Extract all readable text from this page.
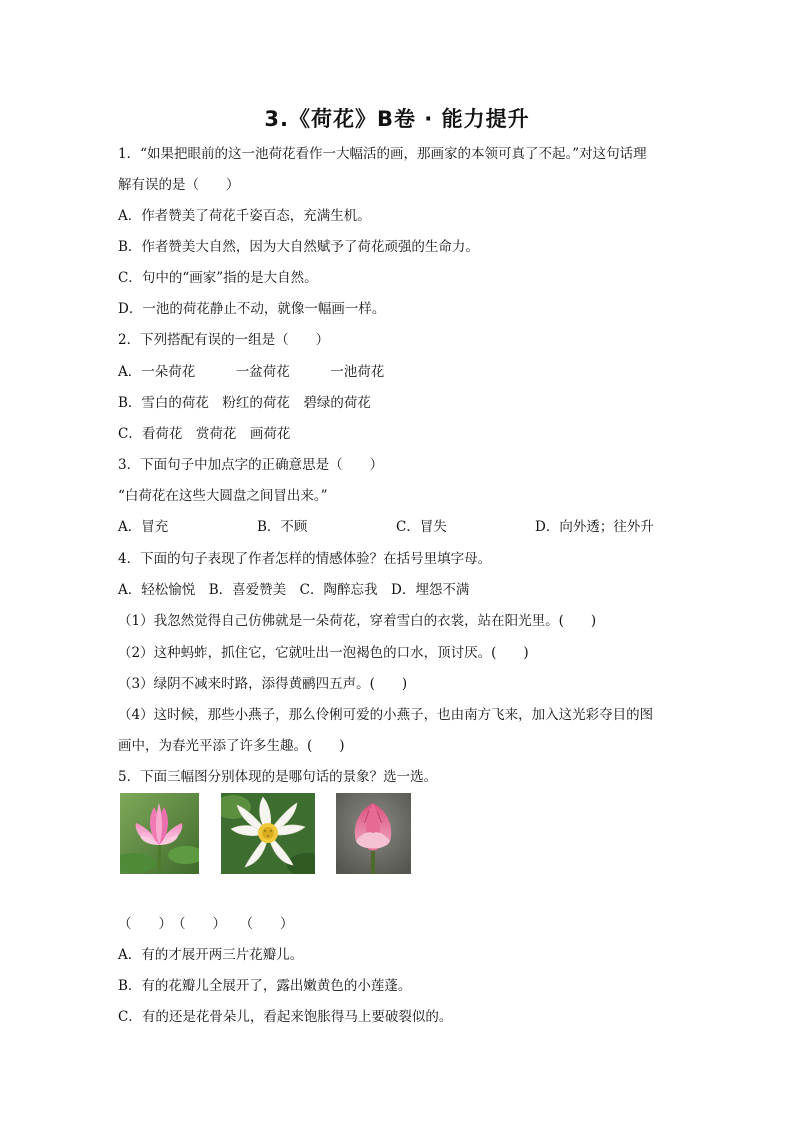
3.《荷花》B卷 · 能力提升
1．“如果把眼前的这一池荷花看作一大幅活的画，那画家的本领可真了不起。”对这句话理
解有误的是（　　）
A．作者赞美了荷花千姿百态，充满生机。
B．作者赞美大自然，因为大自然赋予了荷花顽强的生命力。
C．句中的“画家”指的是大自然。
D．一池的荷花静止不动，就像一幅画一样。
2．下列搭配有误的一组是（　　）
A．一朵荷花　　　一盆荷花　　　一池荷花
B．雪白的荷花　粉红的荷花　碧绿的荷花
C．看荷花　赏荷花　画荷花
3．下面句子中加点字的正确意思是（　　）
“白荷花在这些大圆盘之间冒出来。”
A．冒充	B．不顾	C．冒失	D．向外透；往外升
4．下面的句子表现了作者怎样的情感体验？在括号里填字母。
A．轻松愉悦　B．喜爱赞美　C．陶醉忘我　D．埋怨不满
（1）我忽然觉得自己仿佛就是一朵荷花，穿着雪白的衣裳，站在阳光里。(　　)
（2）这种蚂蚱，抓住它，它就吐出一泡褐色的口水，顶讨厌。(　　)
（3）绿阴不减来时路，添得黄鹂四五声。(　　)
（4）这时候，那些小燕子，那么伶俐可爱的小燕子，也由南方飞来，加入这光彩夺目的图
画中，为春光平添了许多生趣。(　　)
5．下面三幅图分别体现的是哪句话的景象？选一选。
（　　）　（　　）　　（　　）
A．有的才展开两三片花瓣儿。
B．有的花瓣儿全展开了，露出嫩黄色的小莲蓬。
C．有的还是花骨朵儿，看起来饱胀得马上要破裂似的。
